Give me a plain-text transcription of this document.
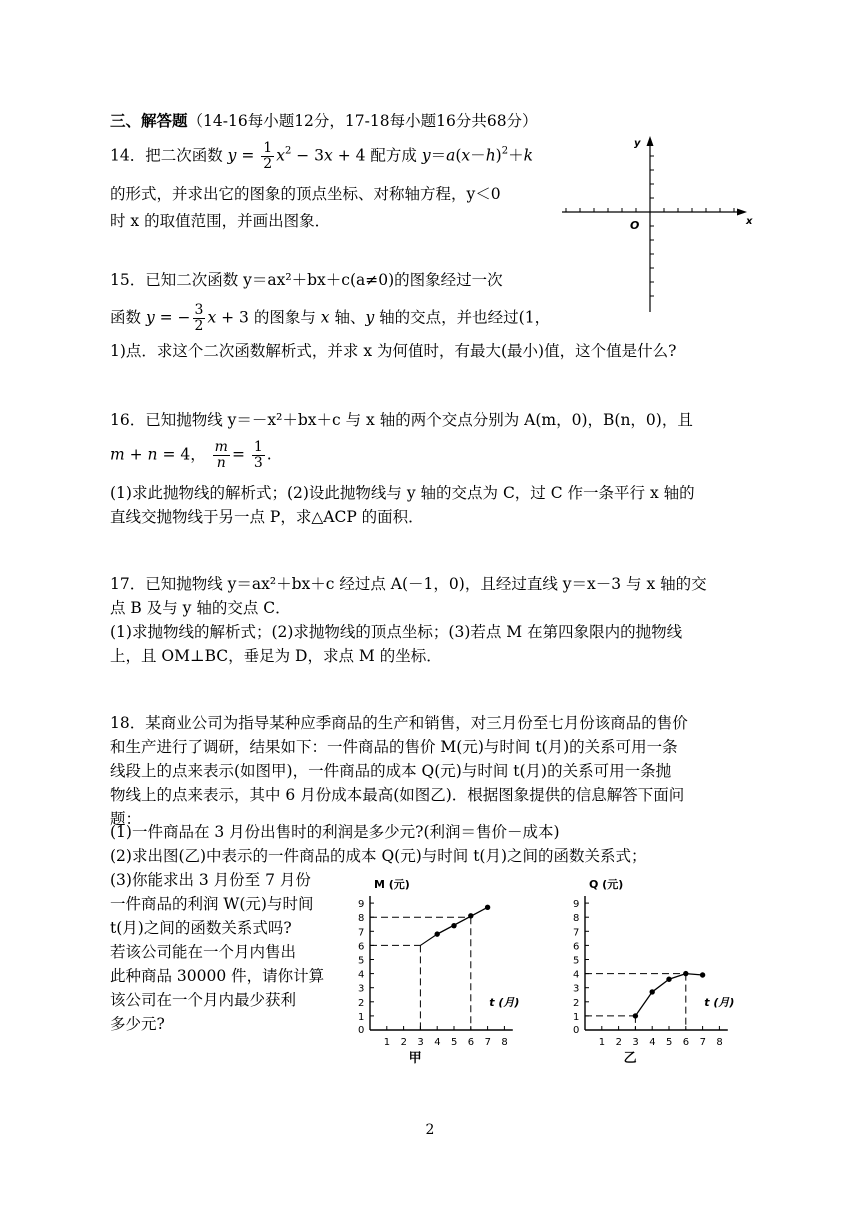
三、解答题（14-16每小题12分，17-18每小题16分共68分）
14．把二次函数 $y = \frac{1}{2} x^2 - 3x + 4$ 配方成 $y=a(x-h)^2+k$
的形式，并求出它的图象的顶点坐标、对称轴方程，y＜0
时 x 的取值范围，并画出图象．
y
x
O
15．已知二次函数 y＝ax²＋bx＋c(a≠0)的图象经过一次
函数 y = − $\frac{3}{2}$ x + 3 的图象与 x 轴、y 轴的交点，并也经过(1，
1)点．求这个二次函数解析式，并求 x 为何值时，有最大(最小)值，这个值是什么?
16．已知抛物线 y＝－x²＋bx＋c 与 x 轴的两个交点分别为 A(m，0)，B(n，0)，且
m + n = 4， $\frac{m}{n} = \frac{1}{3}$ .
(1)求此抛物线的解析式；(2)设此抛物线与 y 轴的交点为 C，过 C 作一条平行 x 轴的
直线交抛物线于另一点 P，求△ACP 的面积．
17．已知抛物线 y＝ax²＋bx＋c 经过点 A(－1，0)，且经过直线 y＝x－3 与 x 轴的交
点 B 及与 y 轴的交点 C．
(1)求抛物线的解析式；(2)求抛物线的顶点坐标；(3)若点 M 在第四象限内的抛物线
上，且 OM⊥BC，垂足为 D，求点 M 的坐标．
18．某商业公司为指导某种应季商品的生产和销售，对三月份至七月份该商品的售价
和生产进行了调研，结果如下：一件商品的售价 M(元)与时间 t(月)的关系可用一条
线段上的点来表示(如图甲)，一件商品的成本 Q(元)与时间 t(月)的关系可用一条抛
物线上的点来表示，其中 6 月份成本最高(如图乙)．根据图象提供的信息解答下面问
题：
(1)一件商品在 3 月份出售时的利润是多少元?(利润＝售价－成本)
(2)求出图(乙)中表示的一件商品的成本 Q(元)与时间 t(月)之间的函数关系式；
(3)你能求出 3 月份至 7 月份
一件商品的利润 W(元)与时间
t(月)之间的函数关系式吗?
若该公司能在一个月内售出
此种商品 30000 件，请你计算
该公司在一个月内最少获利
多少元?
M (元)
t (月)
0
1
2
3
4
5
6
7
8
9
1 2 3 4 5 6 7 8
甲
Q (元)
t (月)
0
1
2
3
4
5
6
7
8
9
1 2 3 4 5 6 7 8
乙
2
